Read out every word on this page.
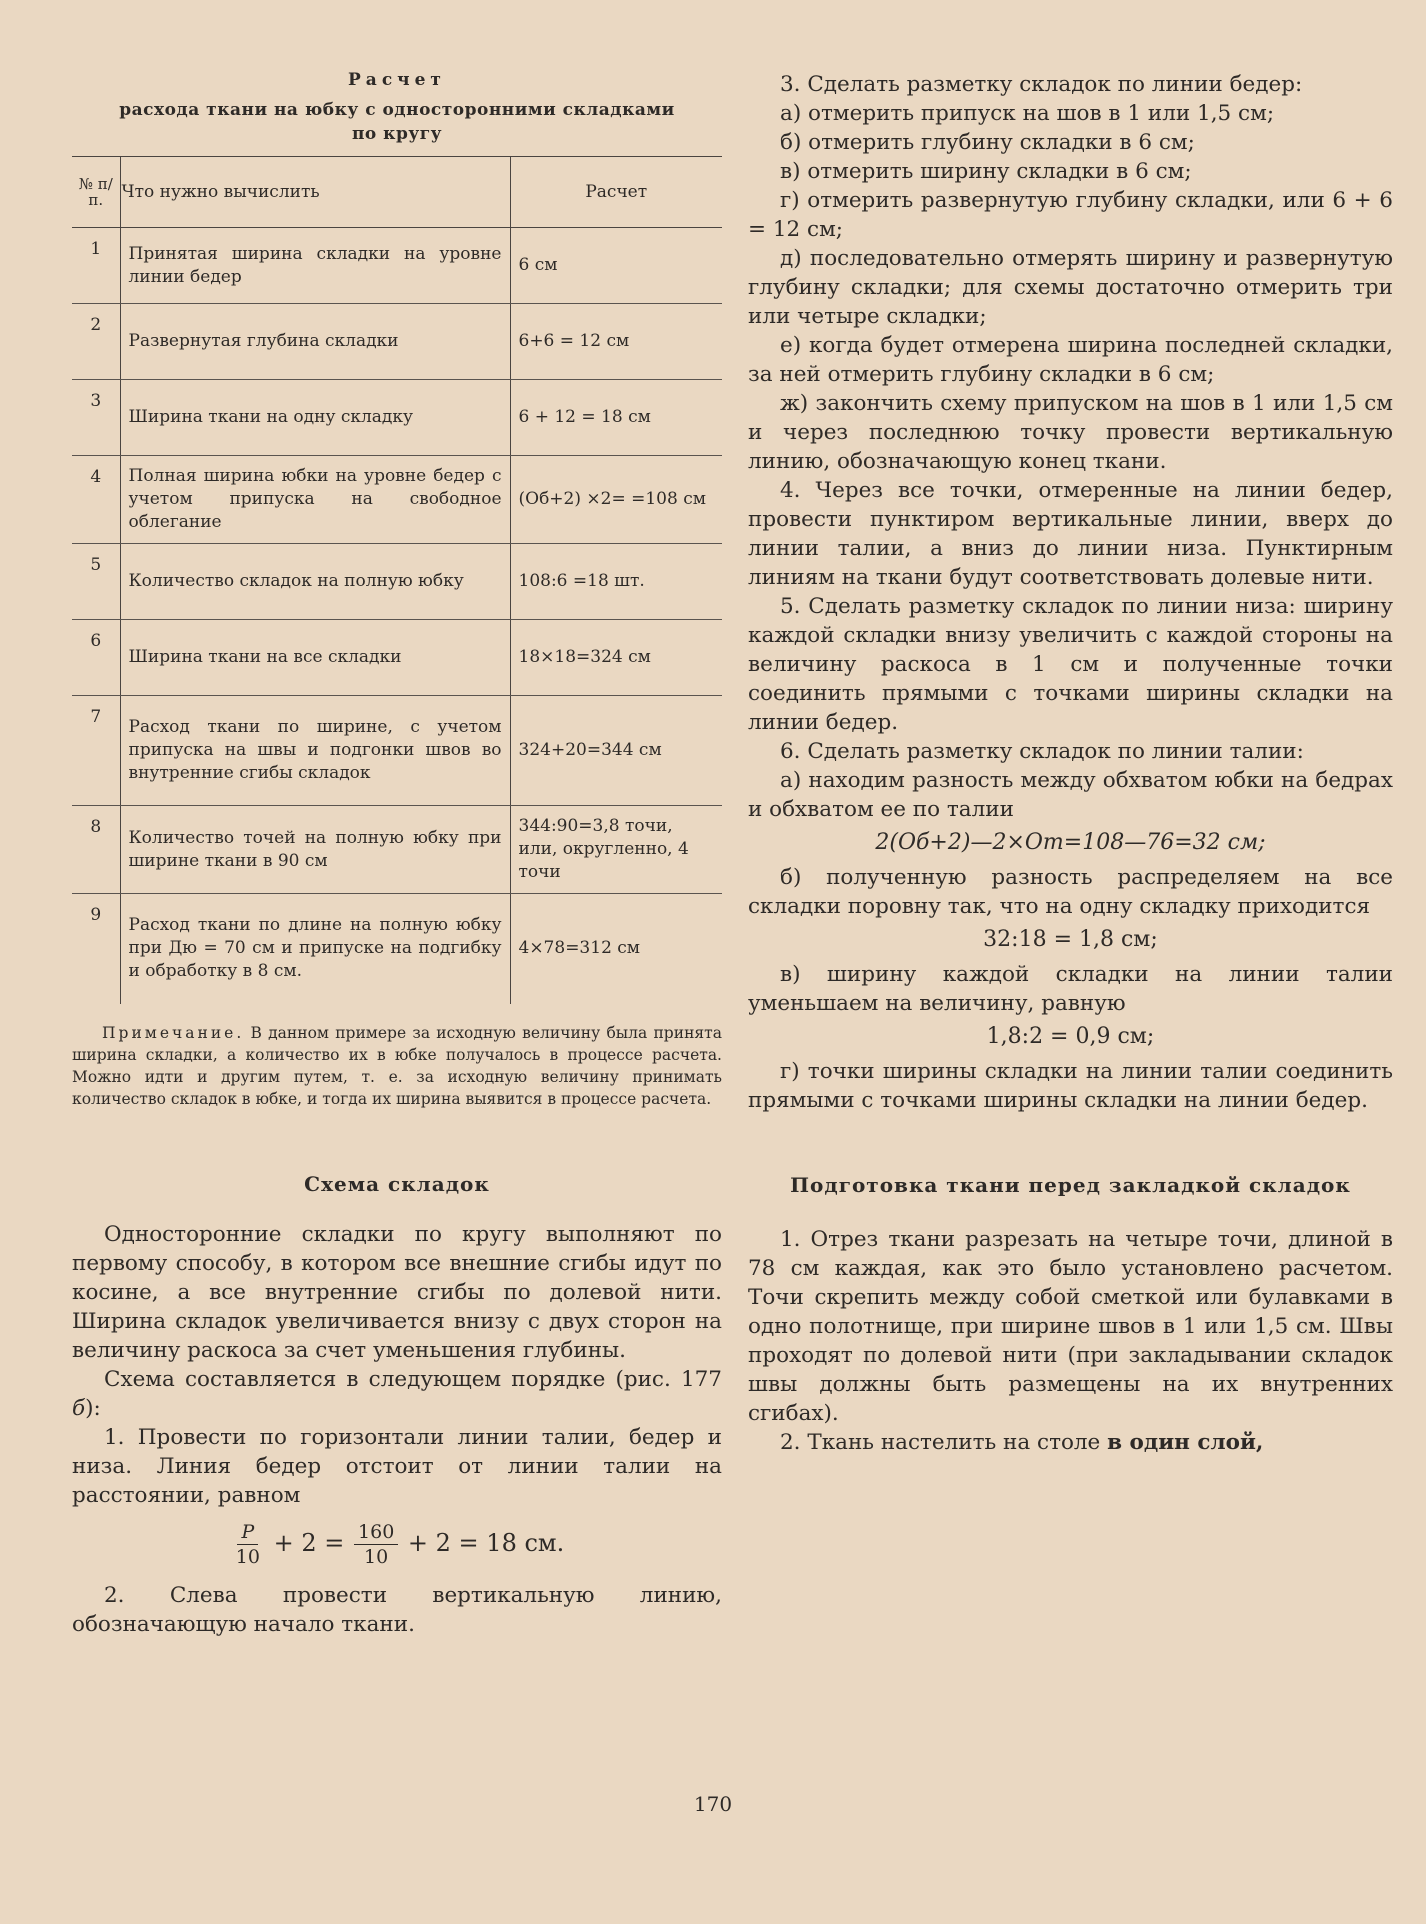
Расчет
расхода ткани на юбку с односторонними складками
по кругу
№ п/п.	Что нужно вычислить	Расчет
1	Принятая ширина складки на уровне линии бедер	6 см
2	Развернутая глубина складки	6+6 = 12 см
3	Ширина ткани на одну складку	6 + 12 = 18 см
4	Полная ширина юбки на уровне бедер с учетом припуска на свободное облегание	(Об+2) ×2= =108 см
5	Количество складок на полную юбку	108:6 =18 шт.
6	Ширина ткани на все складки	18×18=324 см
7	Расход ткани по ширине, с учетом припуска на швы и подгонки швов во внутренние сгибы складок	324+20=344 см
8	Количество точей на полную юбку при ширине ткани в 90 см	344:90=3,8 точи, или, округленно, 4 точи
9	Расход ткани по длине на полную юбку при Дю = 70 см и припуске на подгибку и обработку в 8 см.	4×78=312 см
Примечание. В данном примере за исходную величину была принята ширина складки, а количество их в юбке получалось в процессе расчета. Можно идти и другим путем, т. е. за исходную величину принимать количество складок в юбке, и тогда их ширина выявится в процессе расчета.
Схема складок

Односторонние складки по кругу выполняют по первому способу, в котором все внешние сгибы идут по косине, а все внутренние сгибы по долевой нити. Ширина складок увеличивается внизу с двух сторон на величину раскоса за счет уменьшения глубины.

Схема составляется в следующем порядке (рис. 177 б):

1. Провести по горизонтали линии талии, бедер и низа. Линия бедер отстоит от линии талии на расстоянии, равном

$\frac{Р}{10} + 2 = \frac{160}{10} + 2 = 18$ см.

2. Слева провести вертикальную линию, обозначающую начало ткани.

3. Сделать разметку складок по линии бедер:

а) отмерить припуск на шов в 1 или 1,5 см;

б) отмерить глубину складки в 6 см;

в) отмерить ширину складки в 6 см;

г) отмерить развернутую глубину складки, или 6 + 6 = 12 см;

д) последовательно отмерять ширину и развернутую глубину складки; для схемы достаточно отмерить три или четыре складки;

е) когда будет отмерена ширина последней складки, за ней отмерить глубину складки в 6 см;

ж) закончить схему припуском на шов в 1 или 1,5 см и через последнюю точку провести вертикальную линию, обозначающую конец ткани.

4. Через все точки, отмеренные на линии бедер, провести пунктиром вертикальные линии, вверх до линии талии, а вниз до линии низа. Пунктирным линиям на ткани будут соответствовать долевые нити.

5. Сделать разметку складок по линии низа: ширину каждой складки внизу увеличить с каждой стороны на величину раскоса в 1 см и полученные точки соединить прямыми с точками ширины складки на линии бедер.

6. Сделать разметку складок по линии талии:

а) находим разность между обхватом юбки на бедрах и обхватом ее по талии

2(Об+2)—2×От=108—76=32 см;

б) полученную разность распределяем на все складки поровну так, что на одну складку приходится

32:18 = 1,8 см;

в) ширину каждой складки на линии талии уменьшаем на величину, равную

1,8:2 = 0,9 см;

г) точки ширины складки на линии талии соединить прямыми с точками ширины складки на линии бедер.

Подготовка ткани перед закладкой складок

1. Отрез ткани разрезать на четыре точи, длиной в 78 см каждая, как это было установлено расчетом. Точи скрепить между собой сметкой или булавками в одно полотнище, при ширине швов в 1 или 1,5 см. Швы проходят по долевой нити (при закладывании складок швы должны быть размещены на их внутренних сгибах).

2. Ткань настелить на столе в один слой,

170
